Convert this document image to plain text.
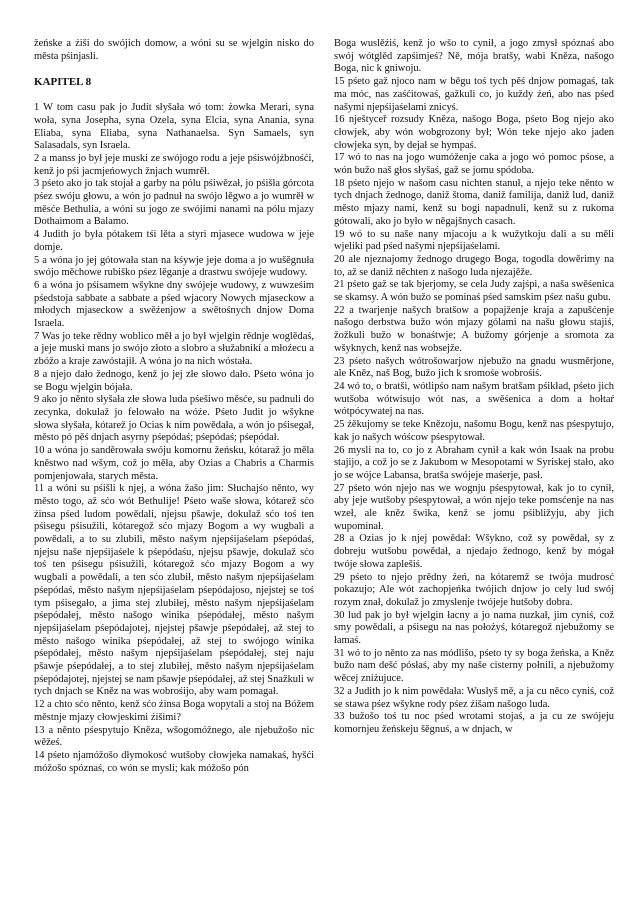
žeńske a źiši do swójich domow, a wóni su se wjelgin nisko do města pśinjasli.

KAPITEL 8

1 W tom casu pak jo Judit słyšała wó tom: żowka Merari, syna woła, syna Josepha, syna Ozela, syna Elcia, syna Anania, syna Eliaba, syna Eliaba, syna Nathanaelsa. Syn Samaels, syn Salasadals, syn Israela.

2 a manss jo był jeje muski ze swójogo rodu a jeje pśiswójźbnośći, kenž jo pśi jacmjeńowych žnjach wumrěł.

3 pśeto ako jo tak stojał a garby na pólu pśiwězał, jo pśišła górcota pśez swóju głowu, a wón jo padnuł na swójo lěgwo a jo wumrěł w měsće Bethulia, a wóni su jogo ze swójimi nanami na pólu mjazy Dothaimom a Balamo.

4 Judith jo była pótakem tśi lěta a styri mjasece wudowa w jeje domje.

5 a wóna jo jej gótowała stan na kśywje jeje doma a jo wušěgnuła swójo měchowe rubiško pśez lěganje a drastwu swójeje wudowy.

6 a wóna jo pśisamem wšykne dny swójeje wudowy, z wuwześim pśedstoja sabbate a sabbate a pśed wjacory Nowych mjaseckow a młodych mjaseckow a swěźenjow a swětośnych dnjow Doma Israela.

7 Was jo teke rědny woblico měł a jo był wjelgin rědnje woglědaś, a jeje muski mans jo swójo złoto a slobro a słužabnikí a młoźecu a zbóžo a kraje zawóstajił. A wóna jo na nich wóstała.

8 a njejo dało žednogo, kenž jo jej złe słowo dało. Pśeto wóna jo se Bogu wjelgin bójała.

9 ako jo něnto słyšała złe słowa luda pśešiwo měsće, su padnuli do zecynka, dokulaž jo felowało na wóźe. Pśeto Judit jo wšykne słowa słyšała, kótarež jo Ocias k nim powědała, a wón jo pśisegał, město pó pěś dnjach asyrny pśepódaś; pśepódaś; pśepódał.

10 a wóna jo sanděrowała swóju komornu žeńsku, kótaraž jo měla kněstwo nad wšym, což jo měła, aby Ozias a Chabris a Charmis pomjenjowała, starych města.

11 a wóni su pśišli k njej, a wóna žašo jim: Słuchajśo něnto, wy město togo, až sćo wót Bethulije! Pśeto waše słowa, kótarež sćo źinsa pśed ludom powědali, njejsu pšawje, dokulaž sćo toś ten pśisegu pśisužili, kótaregož sćo mjazy Bogom a wy wugbali a powědali, a to su zlubili, město našym njepśijaśelam pśepódaś, njejsu naše njepśijaśele k pśepódaśu, njejsu pšawje, dokulaž sćo toś ten pśisegu pśisužili, kótaregož sćo mjazy Bogom a wy wugbali a powědali, a ten sćo zlubił, město našym njepśijaśelam pśepódaś, město našym njepśijaśelam pśepódajoso, njejstej se toś tym pśisegało, a jima stej zlubiłej, město našym njepśijaśelam pśepódałej, město našogo winika pśepódałej, město našym njepśijaśelam pśepódajotej, njejstej pšawje pśepódałej, až stej to město našogo winika pśepódałej, až stej to swójogo winika pśepódałej, město našym njepśijaśelam pśepódałej, stej naju pšawje pśepódałej, a to stej zlubiłej, město našym njepśijaśelam pśepódajotej, njejstej se nam pšawje pśepódałej, až stej Snažkuli w tych dnjach se Kněz na was wobrośijo, aby wam pomagał.

12 a chto sćo něnto, kenž sćo źinsa Boga wopytali a stoj na Bóžem městnje mjazy cłowjeskimi źišimi?

13 a něnto pśespytujo Kněza, wšogomóžnego, ale njebužošo nic wěžeś.

14 pśeto njamóžošo dłymokosć wutšoby cłowjeka namakaś, hyšći móžošo spóznaś, co wón se mysli; kak móžošo pón

Boga wuslěźiś, kenž jo wšo to cynił, a jogo zmysł spóznaś abo swój wótglěd zapśimjeś? Ně, mója bratšy, wabi Kněza, našogo Boga, nic k gniwoju.

15 pśeto gaž njoco nam w běgu toś tych pěś dnjow pomagaś, tak ma móc, nas zaśćitowaś, gažkuli co, jo kuždy źeń, abo nas pśed našymi njepśijaśelami zniсyś.

16 nještyceř rozsudy Kněza, našogo Boga, pśeto Bog njejo ako cłowjek, aby wón wobgrozony był; Wón teke njejo ako jaden cłowjeka syn, by dejał se hympaś.

17 wó to nas na jogo wumóženje caka a jogo wó pomoc pśose, a wón bužo naš głos słyšaś, gaž se jomu spódoba.

18 pśeto njejo w našom casu nichten stanuł, a njejo teke něnto w tych dnjach žednogo, daniž štoma, daniž familija, daniž lud, daniž město mjazy nami, kenž su bogi napadnuli, kenž su z rukoma gótowali, ako jo było w něgajšnych casach.

19 wó to su naše nany mjacoju a k wužytkoju dali a su měli wjeliki pad pśed našymi njepśijaśelami.

20 ale njeznajomy žednogo drugego Boga, togodla dowěrimy na to, až se daniž něchten z našogo luda njezajěže.

21 pśeto gaž se tak bjerjomy, se cela Judy zajśpi, a naša swěśenica se skamsy. A wón bužo se pominaś pśed samskim pśez našu gubu.

22 a twarjenje našych bratšow a popajženje kraja a zapušćenje našogo derbstwa bužo wón mjazy gólami na našu głowu stajiś, žožkuli bužo w bonaśtwje; A bužomy górjenje a sromota za wšyknych, kenž nas wobsejže.

23 pśeto našych wótrošowarjow njebužo na gnadu wusměrjone, ale Kněz, naš Bog, bužo jich k sromośe wobrośiś.

24 wó to, o bratši, wótlipśo nam našym bratšam pśikład, pśeto jich wutšoba wótwisujo wót nas, a swěśenica a dom a hołtaŕ wótpócywatej na nas.

25 źěkujomy se teke Knězoju, našomu Bogu, kenž nas pśespytujo, kak jo našych wóścow pśespytował.

26 mysli na to, co jo z Abraham cynił a kak wón Isaak na probu stajijo, a což jo se z Jakubom w Mesopotami w Syriskej stało, ako jo se wójce Labansa, bratša swójeje maśerje, pasł.

27 pśeto wón njejo nas we wognju pśespytował, kak jo to cynił, aby jeje wutšoby pśespytował, a wón njejo teke pomsćenje na nas wzeł, ale kněz šwika, kenž se jomu pśibližyju, aby jich wupominał.

28 a Ozias jo k njej powědał: Wšykno, což sy powědał, sy z dobreju wutšobu powědał, a njedajo žednogo, kenž by mógał twóje słowa zaplešiś.

29 pśeto to njejo prědny źeń, na kótaremž se twója mudrosć pokazujo; Ale wót zachopjeńka twójich dnjow jo cely lud swój rozym znał, dokulaž jo zmyslenje twójeje hutšoby dobra.

30 lud pak jo był wjelgin łacny a jo nama nuzkał, jim cyniś, což smy powědali, a pśisegu na nas położyś, kótaregož njebužomy se łamaś.

31 wó to jo něnto za nas módlišo, pśeto ty sy boga žeńska, a Kněz bužo nam dešć pósłaś, aby my naše cisterny połnili, a njebužomy wěcej zniżujuce.

32 a Judith jo k nim powědała: Wusłyš mě, a ja cu něco cyniś, což se stawa pśez wšykne rody pśez źišam našogo luda.

33 bužošo toś tu noc pśed wrotami stojaś, a ja cu ze swójeju komornjeu žeńskeju šěgnuś, a w dnjach, w
